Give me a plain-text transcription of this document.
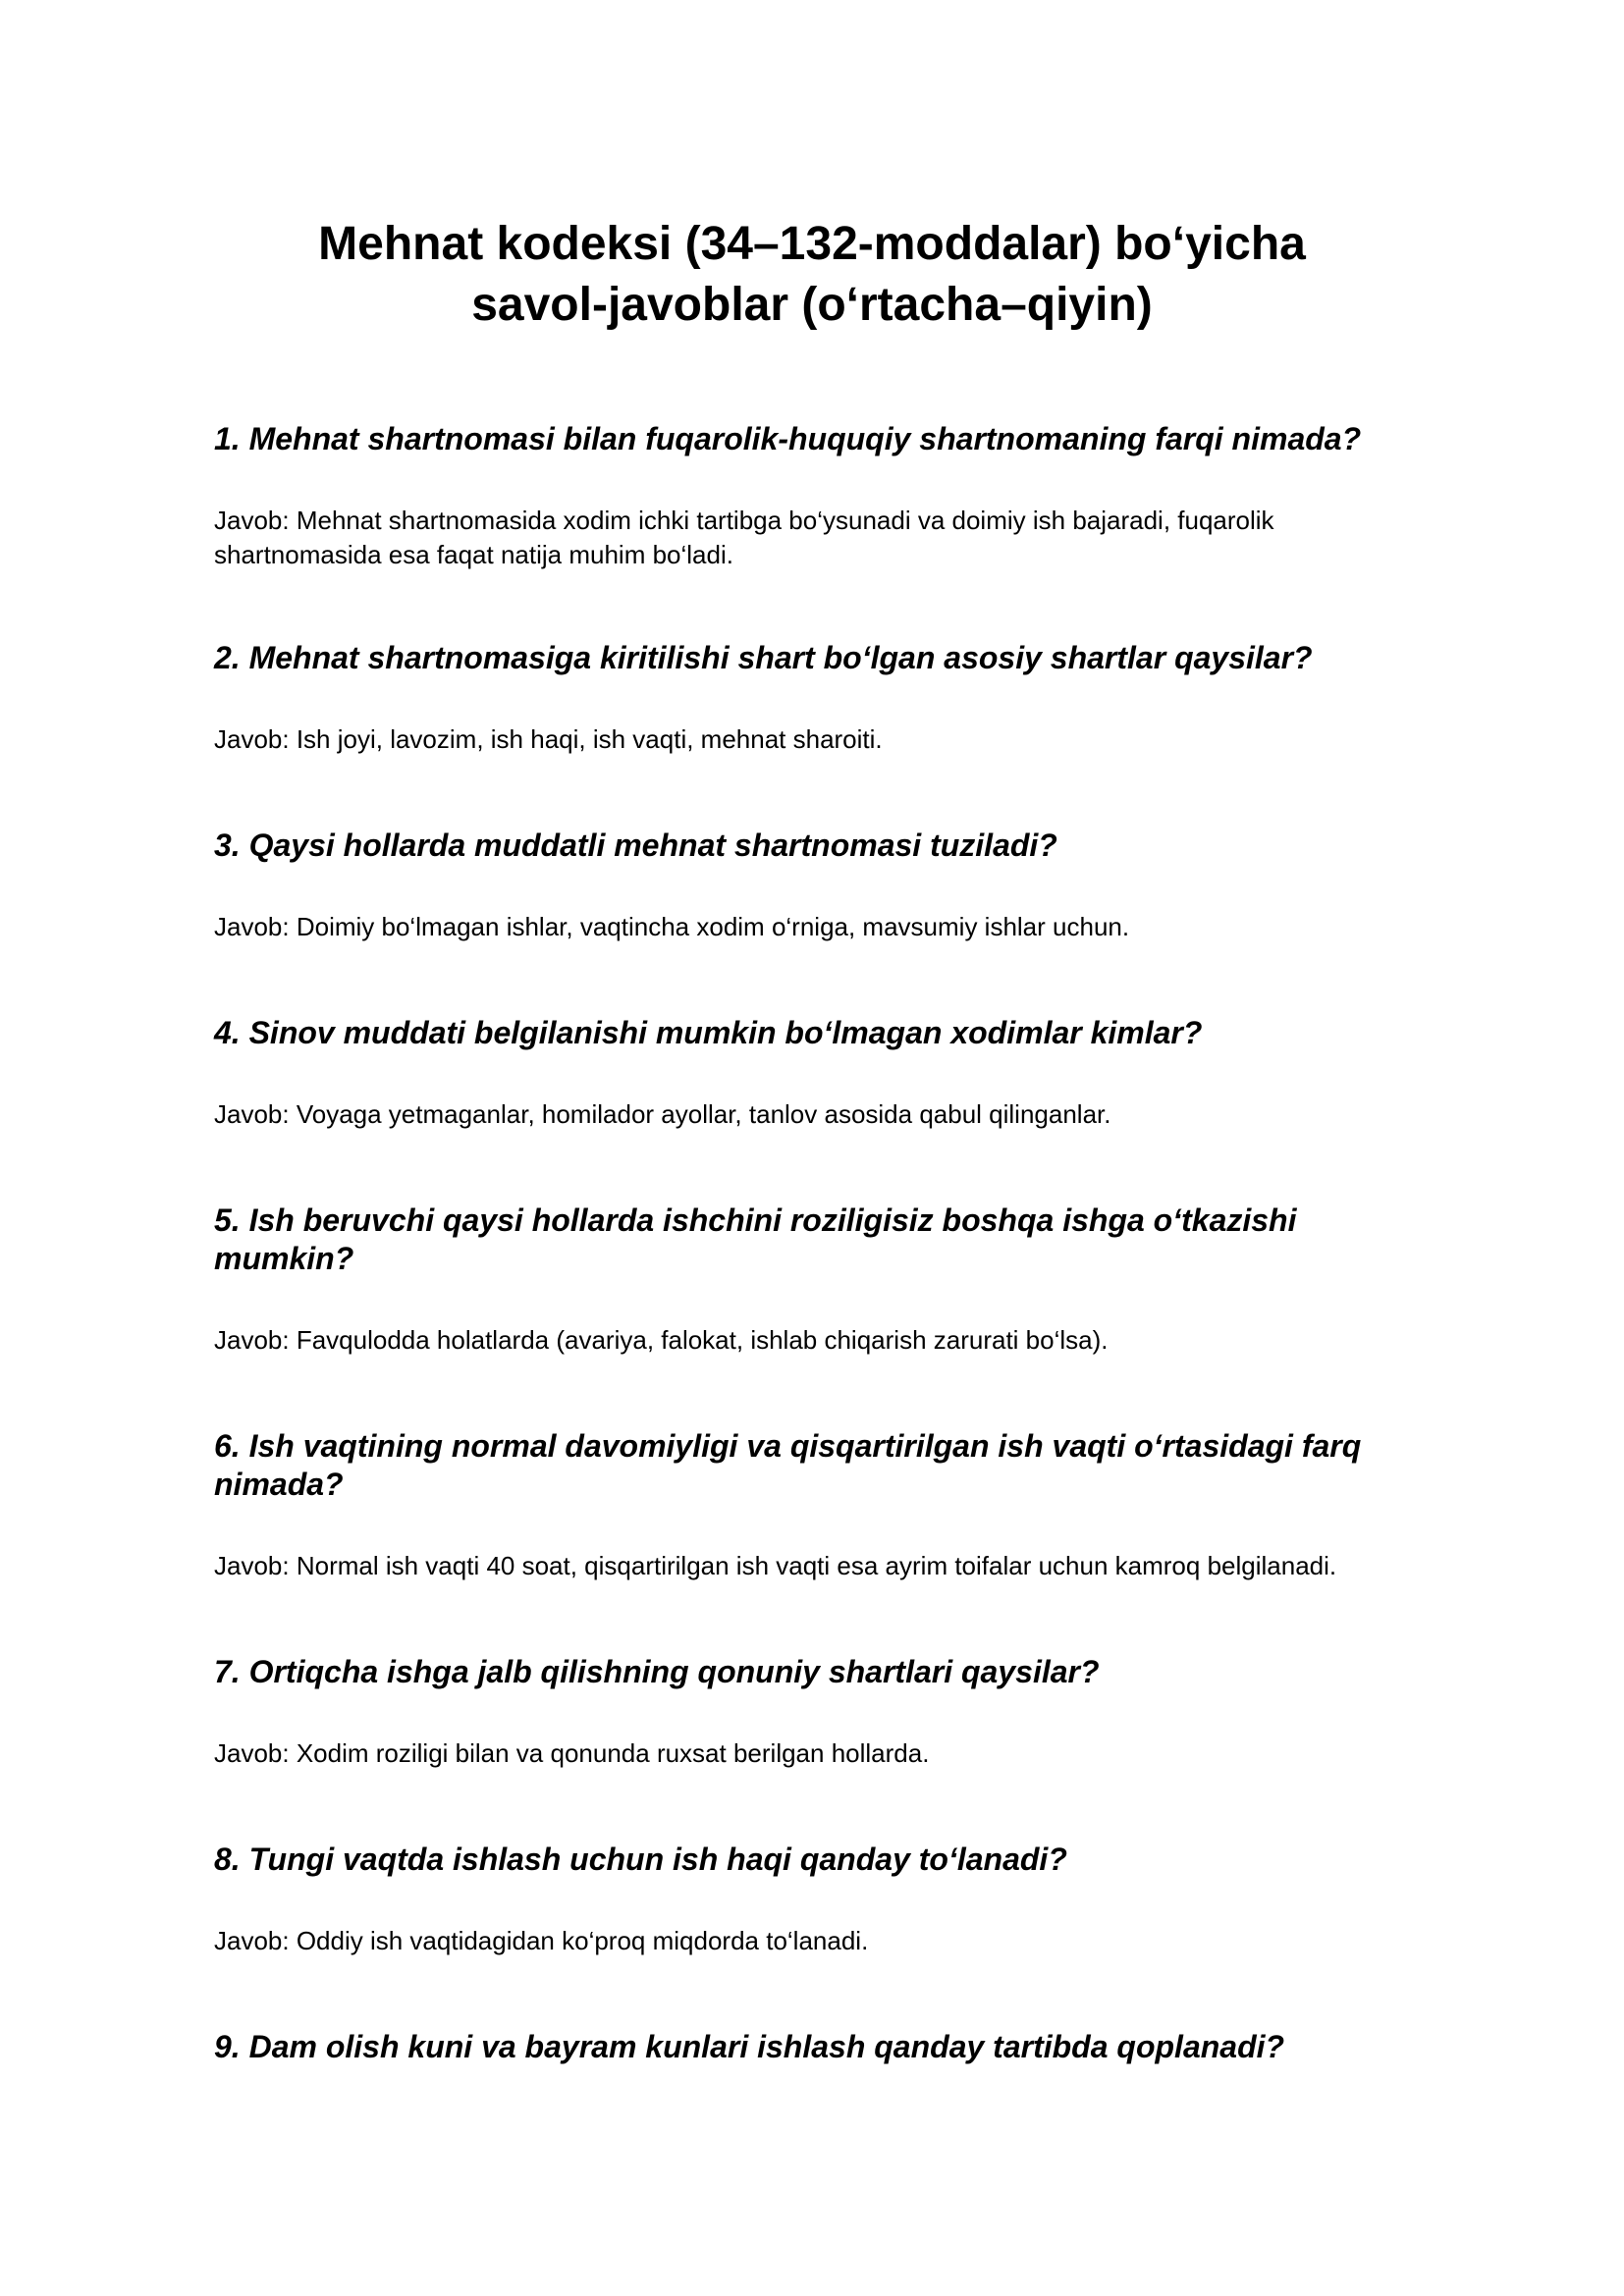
Mehnat kodeksi (34–132-moddalar) bo‘yicha
savol-javoblar (o‘rtacha–qiyin)

1. Mehnat shartnomasi bilan fuqarolik-huquqiy shartnomaning farqi nimada?

Javob: Mehnat shartnomasida xodim ichki tartibga bo‘ysunadi va doimiy ish bajaradi, fuqarolik shartnomasida esa faqat natija muhim bo‘ladi.

2. Mehnat shartnomasiga kiritilishi shart bo‘lgan asosiy shartlar qaysilar?

Javob: Ish joyi, lavozim, ish haqi, ish vaqti, mehnat sharoiti.

3. Qaysi hollarda muddatli mehnat shartnomasi tuziladi?

Javob: Doimiy bo‘lmagan ishlar, vaqtincha xodim o‘rniga, mavsumiy ishlar uchun.

4. Sinov muddati belgilanishi mumkin bo‘lmagan xodimlar kimlar?

Javob: Voyaga yetmaganlar, homilador ayollar, tanlov asosida qabul qilinganlar.

5. Ish beruvchi qaysi hollarda ishchini roziligisiz boshqa ishga o‘tkazishi mumkin?

Javob: Favqulodda holatlarda (avariya, falokat, ishlab chiqarish zarurati bo‘lsa).

6. Ish vaqtining normal davomiyligi va qisqartirilgan ish vaqti o‘rtasidagi farq nimada?

Javob: Normal ish vaqti 40 soat, qisqartirilgan ish vaqti esa ayrim toifalar uchun kamroq belgilanadi.

7. Ortiqcha ishga jalb qilishning qonuniy shartlari qaysilar?

Javob: Xodim roziligi bilan va qonunda ruxsat berilgan hollarda.

8. Tungi vaqtda ishlash uchun ish haqi qanday to‘lanadi?

Javob: Oddiy ish vaqtidagidan ko‘proq miqdorda to‘lanadi.

9. Dam olish kuni va bayram kunlari ishlash qanday tartibda qoplanadi?
